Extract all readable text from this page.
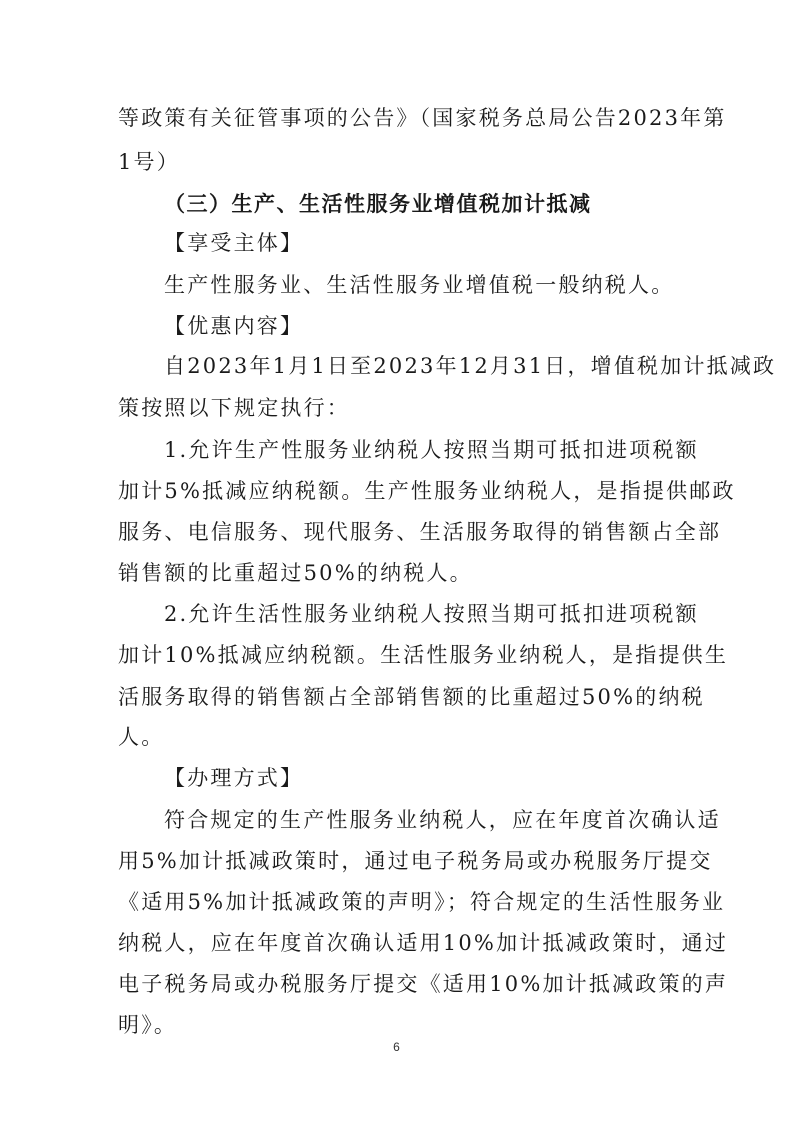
等政策有关征管事项的公告》（国家税务总局公告2023年第
1号）
（三）生产、生活性服务业增值税加计抵减
【享受主体】
生产性服务业、生活性服务业增值税一般纳税人。
【优惠内容】
自2023年1月1日至2023年12月31日，增值税加计抵减政
策按照以下规定执行：
1.允许生产性服务业纳税人按照当期可抵扣进项税额
加计5%抵减应纳税额。生产性服务业纳税人，是指提供邮政
服务、电信服务、现代服务、生活服务取得的销售额占全部
销售额的比重超过50%的纳税人。
2.允许生活性服务业纳税人按照当期可抵扣进项税额
加计10%抵减应纳税额。生活性服务业纳税人，是指提供生
活服务取得的销售额占全部销售额的比重超过50%的纳税
人。
【办理方式】
符合规定的生产性服务业纳税人，应在年度首次确认适
用5%加计抵减政策时，通过电子税务局或办税服务厅提交
《适用5%加计抵减政策的声明》；符合规定的生活性服务业
纳税人，应在年度首次确认适用10%加计抵减政策时，通过
电子税务局或办税服务厅提交《适用10%加计抵减政策的声
明》。
6
